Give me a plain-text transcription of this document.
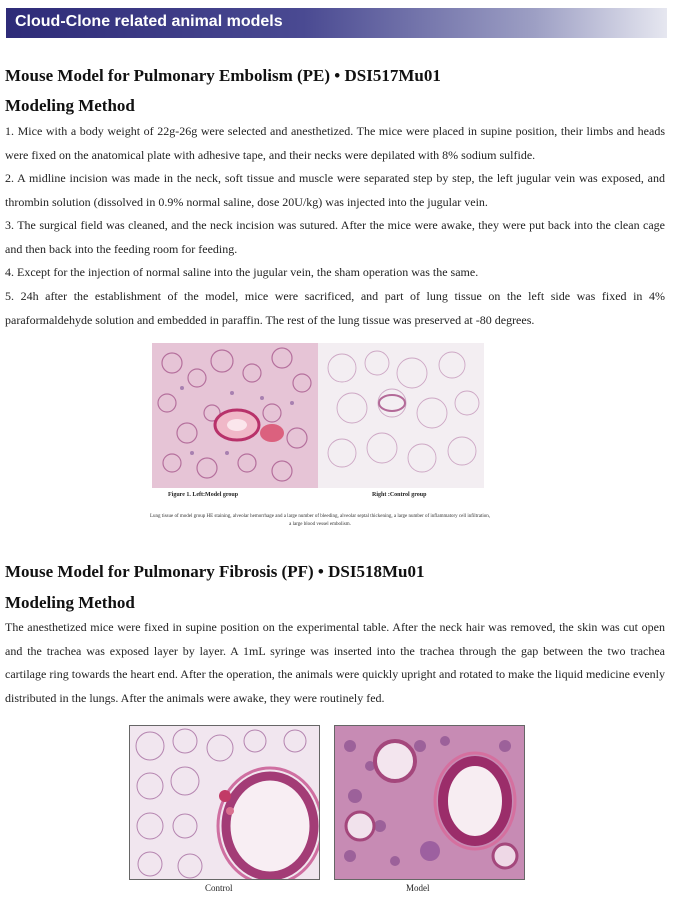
Cloud-Clone related animal models
Mouse Model for Pulmonary Embolism (PE) • DSI517Mu01
Modeling Method

1. Mice with a body weight of 22g-26g were selected and anesthetized. The mice were placed in supine position, their limbs and heads were fixed on the anatomical plate with adhesive tape, and their necks were depilated with 8% sodium sulfide.

2. A midline incision was made in the neck, soft tissue and muscle were separated step by step, the left jugular vein was exposed, and thrombin solution (dissolved in 0.9% normal saline, dose 20U/kg) was injected into the jugular vein.

3. The surgical field was cleaned, and the neck incision was sutured. After the mice were awake, they were put back into the clean cage and then back into the feeding room for feeding.

4. Except for the injection of normal saline into the jugular vein, the sham operation was the same.

5. 24h after the establishment of the model, mice were sacrificed, and part of lung tissue on the left side was fixed in 4% paraformaldehyde solution and embedded in paraffin. The rest of the lung tissue was preserved at -80 degrees.

Figure 1. Left:Model group	Right :Control group

Lung tissue of model group HE staining, alveolar hemorrhage and a large number of bleeding, alveolar septal thickening, a large number of inflammatory cell infiltration, a large blood vessel embolism.

Mouse Model for Pulmonary Fibrosis (PF) • DSI518Mu01
Modeling Method

The anesthetized mice were fixed in supine position on the experimental table. After the neck hair was removed, the skin was cut open and the trachea was exposed layer by layer. A 1mL syringe was inserted into the trachea through the gap between the two trachea cartilage ring towards the heart end. After the operation, the animals were quickly upright and rotated to make the liquid medicine evenly distributed in the lungs. After the animals were awake, they were routinely fed.

Control	Model
